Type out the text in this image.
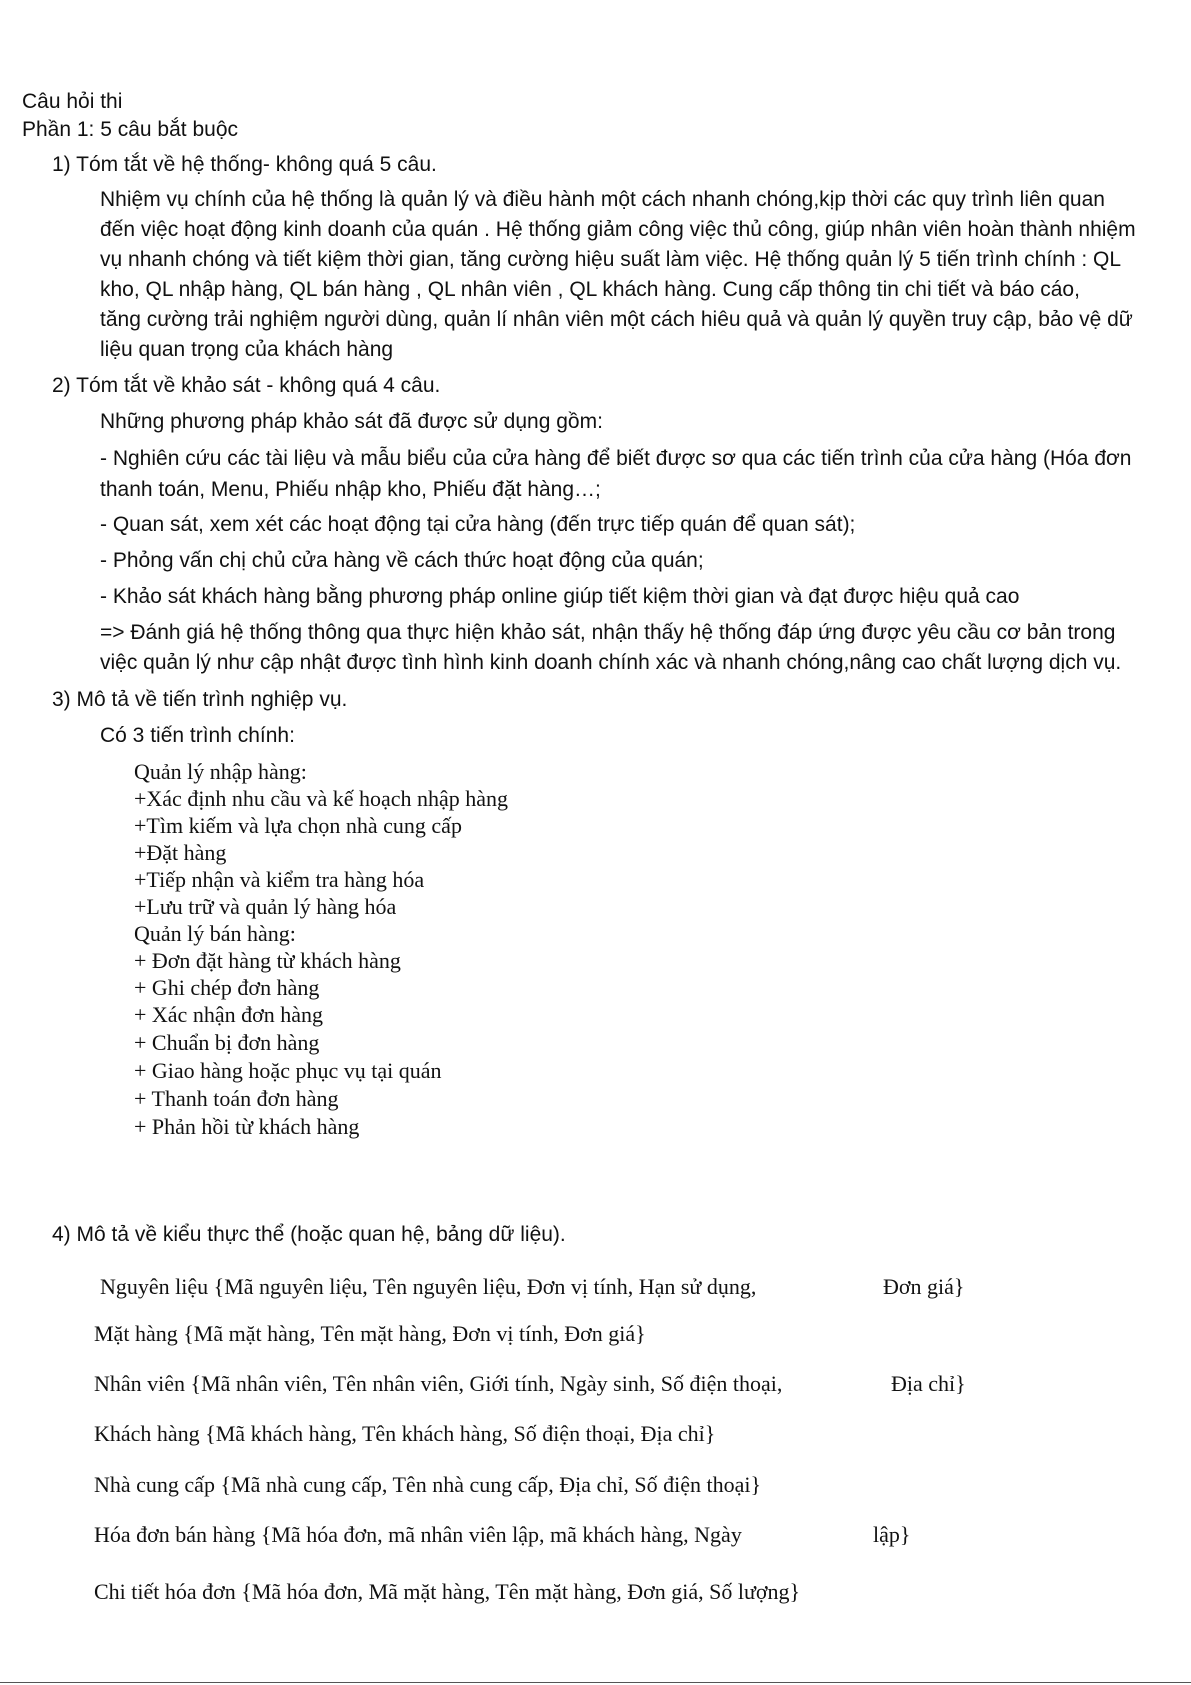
Câu hỏi thi
Phần 1: 5 câu bắt buộc
1) Tóm tắt về hệ thống- không quá 5 câu.
Nhiệm vụ chính của hệ thống là quản lý và điều hành một cách nhanh chóng,kịp thời các quy trình liên quan
đến việc hoạt động kinh doanh của quán . Hệ thống giảm công việc thủ công, giúp nhân viên hoàn thành nhiệm
vụ nhanh chóng và tiết kiệm thời gian, tăng cường hiệu suất làm việc. Hệ thống quản lý 5 tiến trình chính : QL
kho, QL nhập hàng, QL bán hàng , QL nhân viên , QL khách hàng. Cung cấp thông tin chi tiết và báo cáo,
tăng cường trải nghiệm người dùng, quản lí nhân viên một cách hiêu quả và quản lý quyền truy cập, bảo vệ dữ
liệu quan trọng của khách hàng
2) Tóm tắt về khảo sát - không quá 4 câu.
Những phương pháp khảo sát đã được sử dụng gồm:
- Nghiên cứu các tài liệu và mẫu biểu của cửa hàng để biết được sơ qua các tiến trình của cửa hàng (Hóa đơn
thanh toán, Menu, Phiếu nhập kho, Phiếu đặt hàng…;
- Quan sát, xem xét các hoạt động tại cửa hàng (đến trực tiếp quán để quan sát);
- Phỏng vấn chị chủ cửa hàng về cách thức hoạt động của quán;
- Khảo sát khách hàng bằng phương pháp online giúp tiết kiệm thời gian và đạt được hiệu quả cao
=> Đánh giá hệ thống thông qua thực hiện khảo sát, nhận thấy hệ thống đáp ứng được yêu cầu cơ bản trong
việc quản lý như cập nhật được tình hình kinh doanh chính xác và nhanh chóng,nâng cao chất lượng dịch vụ.
3) Mô tả về tiến trình nghiệp vụ.
Có 3 tiến trình chính:
Quản lý nhập hàng:
+Xác định nhu cầu và kế hoạch nhập hàng
+Tìm kiếm và lựa chọn nhà cung cấp
+Đặt hàng
+Tiếp nhận và kiểm tra hàng hóa
+Lưu trữ và quản lý hàng hóa
Quản lý bán hàng:
+ Đơn đặt hàng từ khách hàng
+ Ghi chép đơn hàng
+ Xác nhận đơn hàng
+ Chuẩn bị đơn hàng
+ Giao hàng hoặc phục vụ tại quán
+ Thanh toán đơn hàng
+ Phản hồi từ khách hàng
4) Mô tả về kiểu thực thể (hoặc quan hệ, bảng dữ liệu).
Nguyên liệu {Mã nguyên liệu, Tên nguyên liệu, Đơn vị tính, Hạn sử dụng,	Đơn giá}
Mặt hàng {Mã mặt hàng, Tên mặt hàng, Đơn vị tính, Đơn giá}
Nhân viên {Mã nhân viên, Tên nhân viên, Giới tính, Ngày sinh, Số điện thoại,	Địa chỉ}
Khách hàng {Mã khách hàng, Tên khách hàng, Số điện thoại, Địa chỉ}
Nhà cung cấp {Mã nhà cung cấp, Tên nhà cung cấp, Địa chỉ, Số điện thoại}
Hóa đơn bán hàng {Mã hóa đơn, mã nhân viên lập, mã khách hàng, Ngày	lập}
Chi tiết hóa đơn {Mã hóa đơn, Mã mặt hàng, Tên mặt hàng, Đơn giá, Số lượng}
